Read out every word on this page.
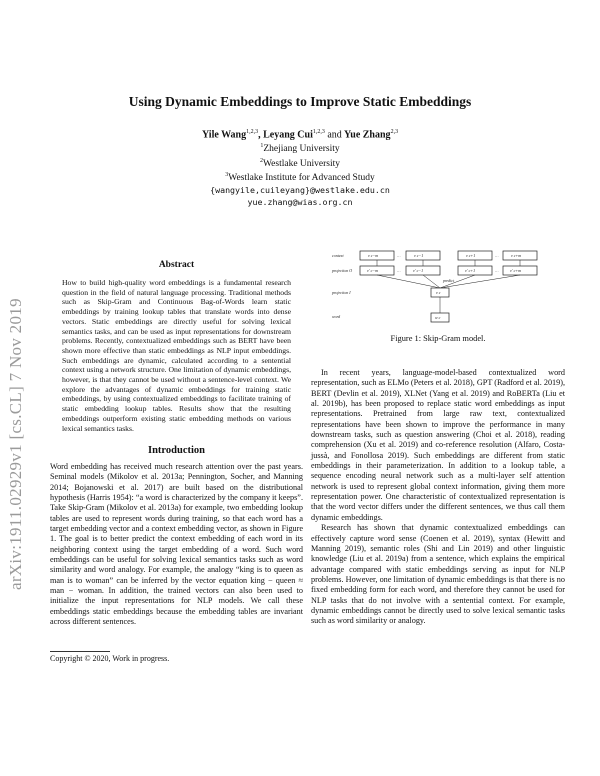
arXiv:1911.02929v1 [cs.CL] 7 Nov 2019
Using Dynamic Embeddings to Improve Static Embeddings
Yile Wang$^{1,2,3}$, Leyang Cui$^{1,2,3}$ and Yue Zhang$^{2,3}$
$^1$Zhejiang University
$^2$Westlake University
$^3$Westlake Institute for Advanced Study
{wangyile,cuileyang}@westlake.edu.cn
yue.zhang@wias.org.cn
Abstract
How to build high-quality word embeddings is a fundamental research question in the field of natural language processing. Traditional methods such as Skip-Gram and Continuous Bag-of-Words learn static embeddings by training lookup tables that translate words into dense vectors. Static embeddings are directly useful for solving lexical semantics tasks, and can be used as input representations for downstream problems. Recently, contextualized embeddings such as BERT have been shown more effective than static embeddings as NLP input embeddings. Such embeddings are dynamic, calculated according to a sentential context using a network structure. One limitation of dynamic embeddings, however, is that they cannot be used without a sentence-level context. We explore the advantages of dynamic embeddings for training static embeddings, by using contextualized embeddings to facilitate training of static embedding lookup tables. Results show that the resulting embeddings outperform existing static embedding methods on various lexical semantics tasks.
Introduction

Word embedding has received much research attention over the past years. Seminal models (Mikolov et al. 2013a; Pennington, Socher, and Manning 2014; Bojanowski et al. 2017) are built based on the distributional hypothesis (Harris 1954): “a word is characterized by the company it keeps”. Take Skip-Gram (Mikolov et al. 2013a) for example, two embedding lookup tables are used to represent words during training, so that each word has a target embedding vector and a context embedding vector, as shown in Figure 1. The goal is to better predict the context embedding of each word in its neighboring context using the target embedding of a word. Such word embeddings can be useful for solving lexical semantics tasks such as word similarity and word analogy. For example, the analogy “king is to queen as man is to woman” can be inferred by the vector equation king − queen ≈ man − woman. In addition, the trained vectors can also been used to initialize the input representations for NLP models. We call these embeddings static embeddings because the embedding tables are invariant across different sentences.

Copyright © 2020, Work in progress.
context
projection O
projection I
word
v c−m	v c−1	v c+1	v c+m
…	…
v′ c−m	v′ c−1	v′ c+1	v′ c+m
…	…
predict
v c
w c
Figure 1: Skip-Gram model.

In recent years, language-model-based contextualized word representation, such as ELMo (Peters et al. 2018), GPT (Radford et al. 2019), BERT (Devlin et al. 2019), XLNet (Yang et al. 2019) and RoBERTa (Liu et al. 2019b), has been proposed to replace static word embeddings as input representations. Pretrained from large raw text, contextualized representations have been shown to improve the performance in many downstream tasks, such as question answering (Choi et al. 2018), reading comprehension (Xu et al. 2019) and co-reference resolution (Alfaro, Costa-jussà, and Fonollosa 2019). Such embeddings are different from static embeddings in their parameterization. In addition to a lookup table, a sequence encoding neural network such as a multi-layer self attention network is used to represent global context information, giving them more representation power. One characteristic of contextualized representation is that the word vector differs under the different sentences, we thus call them dynamic embeddings.

Research has shown that dynamic contextualized embeddings can effectively capture word sense (Coenen et al. 2019), syntax (Hewitt and Manning 2019), semantic roles (Shi and Lin 2019) and other linguistic knowledge (Liu et al. 2019a) from a sentence, which explains the empirical advantage compared with static embeddings serving as input for NLP problems. However, one limitation of dynamic embeddings is that there is no fixed embedding form for each word, and therefore they cannot be used for NLP tasks that do not involve with a sentential context. For example, dynamic embeddings cannot be directly used to solve lexical semantic tasks such as word similarity or analogy.
